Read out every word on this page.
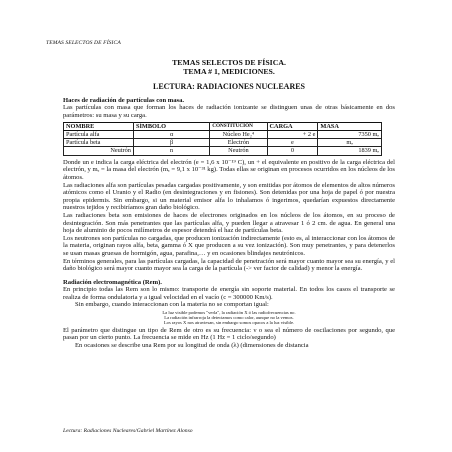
TEMAS SELECTOS DE FÍSICA
TEMAS SELECTOS DE FÍSICA.
TEMA # 1, MEDICIONES.
LECTURA: RADIACIONES NUCLEARES
Haces de radiación de partículas con masa.

Las partículas con masa que forman los haces de radiación ionizante se distinguen unas de otras básicamente en dos parámetros: su masa y su carga.

NOMBRE	SÍMBOLO	CONSTITUCIÓN	CARGA	MASA
Partícula alfa	α	Núcleo He₂⁴	+ 2 e	7350 mₑ
Partícula beta	β	Electrón	e	mₑ
Neutrón	n	Neutrón	0	1839 mₑ

Donde un e indica la carga eléctrica del electrón (e = 1,6 x 10⁻¹⁹ C), un + el equivalente en positivo de la carga eléctrica del electrón, y mₑ = la masa del electrón (mₑ = 9,1 x 10⁻³¹ kg). Todas ellas se originan en procesos ocurridos en los núcleos de los átomos.

Las radiaciones alfa son partículas pesadas cargadas positivamente, y son emitidas por átomos de elementos de altos números atómicos como el Uranio y el Radio (en desintegraciones y en fisiones). Son detenidas por una hoja de papel ó por nuestra propia epidermis. Sin embargo, si un material emisor alfa lo inhalamos ó ingerimos, quedarían expuestos directamente nuestros tejidos y recibiríamos gran daño biológico.

Las radiaciones beta son emisiones de haces de electrones originados en los núcleos de los átomos, en su proceso de desintegración. Son más penetrantes que las partículas alfa, y pueden llegar a atravesar 1 ó 2 cm. de agua. En general una hoja de aluminio de pocos milímetros de espesor detendrá el haz de partículas beta.

Los neutrones son partículas no cargadas, que producen ionización indirectamente (esto es, al interaccionar con los átomos de la materia, originan rayos alfa, beta, gamma ó X que producen a su vez ionización). Son muy penetrantes, y para detenerlos se usan masas gruesas de hormigón, agua, parafina,… y en ocasiones blindajes neutrónicos.

En términos generales, para las partículas cargadas, la capacidad de penetración será mayor cuanto mayor sea su energía, y el daño biológico será mayor cuanto mayor sea la carga de la partícula (-> ver factor de calidad) y menor la energía.

Radiación electromagnética (Rem).

En principio todas las Rem son lo mismo: transporte de energía sin soporte material. En todos los casos el transporte se realiza de forma ondulatoria y a igual velocidad en el vacío (c = 300000 Km/s).

Sin embargo, cuando interaccionan con la materia no se comportan igual:

La luz visible podemos "verla", la radiación X ó las radiofrecuencias no.
La radiación infrarroja la detectamos como calor, aunque no la vemos.
Los rayos X nos atraviesan, sin embargo somos opacos a la luz visible.

El parámetro que distingue un tipo de Rem de otro es su frecuencia: ν o sea el número de oscilaciones por segundo, que pasan por un cierto punto. La frecuencia se mide en Hz (1 Hz = 1 ciclo/segundo)

En ocasiones se describe una Rem por su longitud de onda (λ) (dimensiones de distancia

Lectura: Radiaciones Nucleares/Gabriel Martínez Alonso
